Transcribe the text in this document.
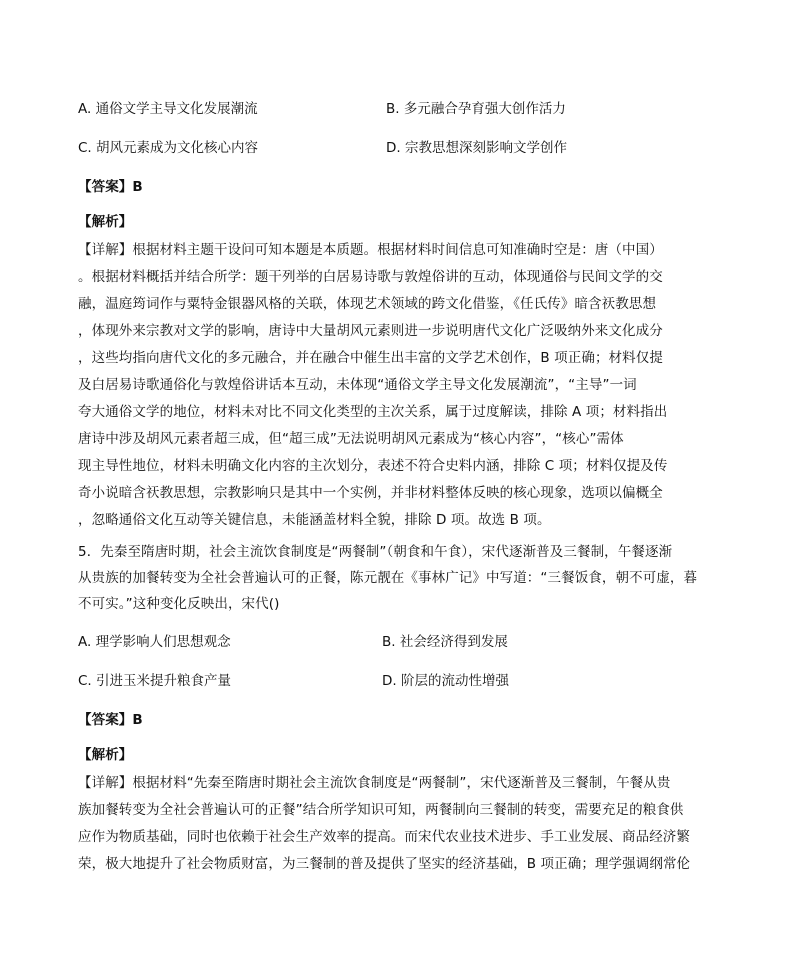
A. 通俗文学主导文化发展潮流	B. 多元融合孕育强大创作活力
C. 胡风元素成为文化核心内容	D. 宗教思想深刻影响文学创作
【答案】B
【解析】
【详解】根据材料主题干设问可知本题是本质题。根据材料时间信息可知准确时空是：唐（中国）
。根据材料概括并结合所学：题干列举的白居易诗歌与敦煌俗讲的互动，体现通俗与民间文学的交
融，温庭筠词作与粟特金银器风格的关联，体现艺术领域的跨文化借鉴，《任氏传》暗含祆教思想
，体现外来宗教对文学的影响，唐诗中大量胡风元素则进一步说明唐代文化广泛吸纳外来文化成分
，这些均指向唐代文化的多元融合，并在融合中催生出丰富的文学艺术创作，B 项正确；材料仅提
及白居易诗歌通俗化与敦煌俗讲话本互动，未体现“通俗文学主导文化发展潮流”，“主导”一词
夸大通俗文学的地位，材料未对比不同文化类型的主次关系，属于过度解读，排除 A 项；材料指出
唐诗中涉及胡风元素者超三成，但“超三成”无法说明胡风元素成为“核心内容”，“核心”需体
现主导性地位，材料未明确文化内容的主次划分，表述不符合史料内涵，排除 C 项；材料仅提及传
奇小说暗含祆教思想，宗教影响只是其中一个实例，并非材料整体反映的核心现象，选项以偏概全
，忽略通俗文化互动等关键信息，未能涵盖材料全貌，排除 D 项。故选 B 项。
5．先秦至隋唐时期，社会主流饮食制度是“两餐制”（朝食和午食），宋代逐渐普及三餐制，午餐逐渐
从贵族的加餐转变为全社会普遍认可的正餐，陈元靓在《事林广记》中写道：“三餐饭食，朝不可虚，暮
不可实。”这种变化反映出，宋代()
A. 理学影响人们思想观念	B. 社会经济得到发展
C. 引进玉米提升粮食产量	D. 阶层的流动性增强
【答案】B
【解析】
【详解】根据材料“先秦至隋唐时期社会主流饮食制度是“两餐制”，宋代逐渐普及三餐制，午餐从贵
族加餐转变为全社会普遍认可的正餐”结合所学知识可知，两餐制向三餐制的转变，需要充足的粮食供
应作为物质基础，同时也依赖于社会生产效率的提高。而宋代农业技术进步、手工业发展、商品经济繁
荣，极大地提升了社会物质财富，为三餐制的普及提供了坚实的经济基础，B 项正确；理学强调纲常伦
